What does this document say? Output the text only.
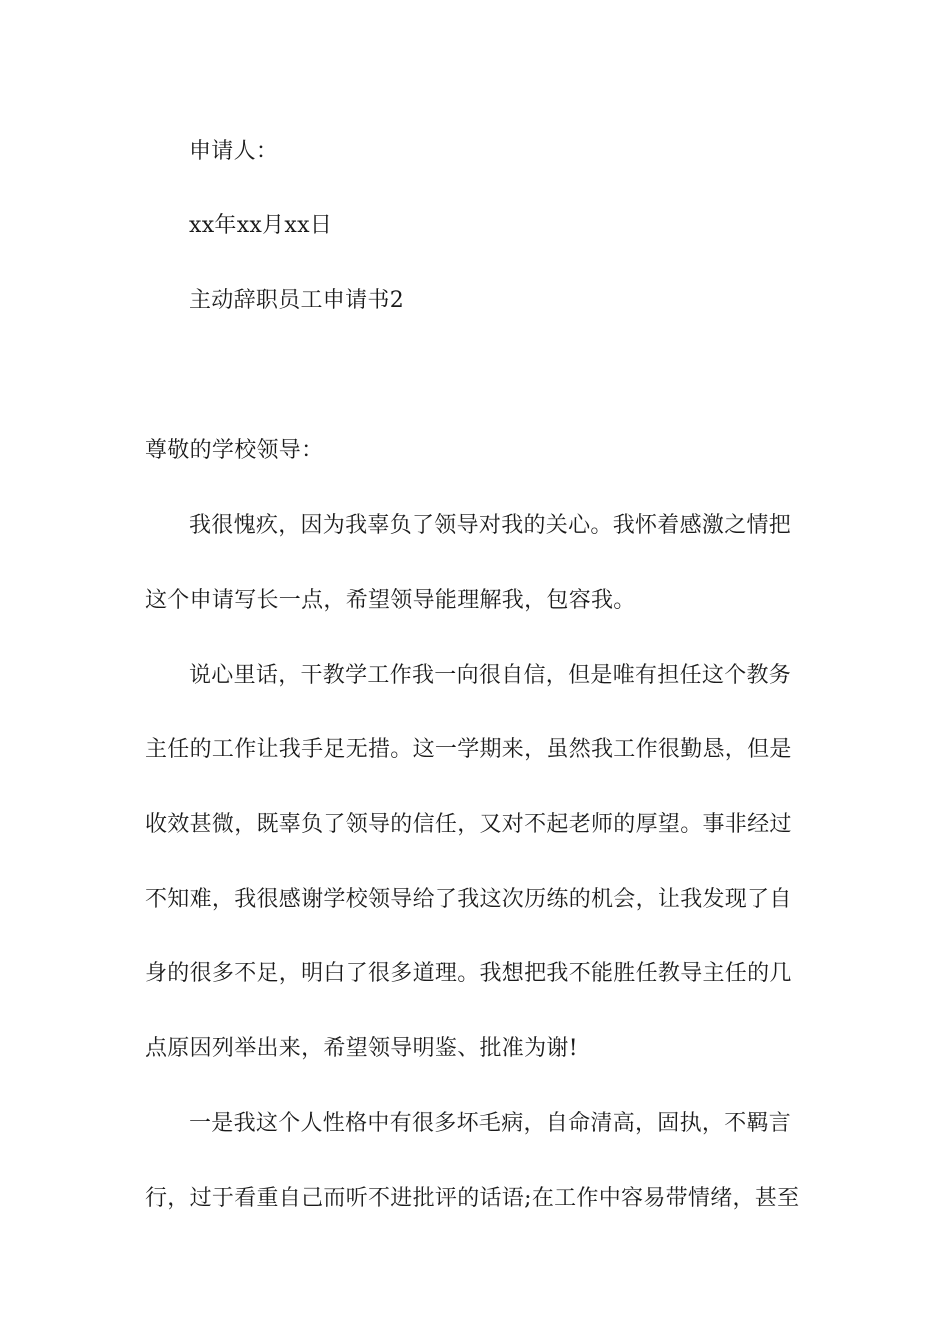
申请人：
xx年xx月xx日
主动辞职员工申请书2
尊敬的学校领导：
我很愧疚，因为我辜负了领导对我的关心。我怀着感激之情把
这个申请写长一点，希望领导能理解我，包容我。
说心里话，干教学工作我一向很自信，但是唯有担任这个教务
主任的工作让我手足无措。这一学期来，虽然我工作很勤恳，但是
收效甚微，既辜负了领导的信任，又对不起老师的厚望。事非经过
不知难，我很感谢学校领导给了我这次历练的机会，让我发现了自
身的很多不足，明白了很多道理。我想把我不能胜任教导主任的几
点原因列举出来，希望领导明鉴、批准为谢!
一是我这个人性格中有很多坏毛病，自命清高，固执，不羁言
行，过于看重自己而听不进批评的话语;在工作中容易带情绪，甚至
